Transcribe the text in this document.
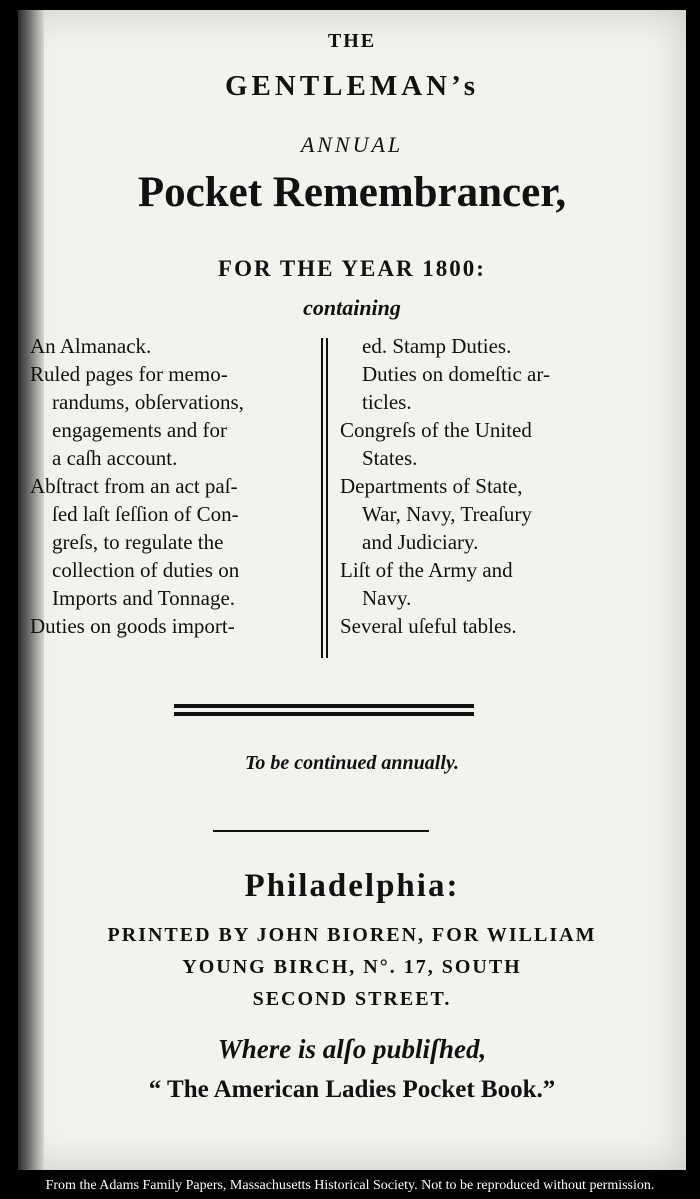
THE
GENTLEMAN’s
ANNUAL
Pocket Remembrancer,
FOR THE YEAR 1800:
containing

An Almanack.

Ruled pages for memo-

randums, obſervations,

engagements and for

a caſh account.

Abſtract from an act paſ-

ſed laſt ſeſſion of Con-

greſs, to regulate the

collection of duties on

Imports and Tonnage.

Duties on goods import-

ed. Stamp Duties.

Duties on domeſtic ar-

ticles.

Congreſs of the United

States.

Departments of State,

War, Navy, Treaſury

and Judiciary.

Liſt of the Army and

Navy.

Several uſeful tables.

To be continued annually.
Philadelphia:
PRINTED BY JOHN BIOREN, FOR WILLIAM
YOUNG BIRCH, N°. 17, SOUTH
SECOND STREET.
Where is alſo publiſhed,
“ The American Ladies Pocket Book.”
From the Adams Family Papers, Massachusetts Historical Society. Not to be reproduced without permission.
